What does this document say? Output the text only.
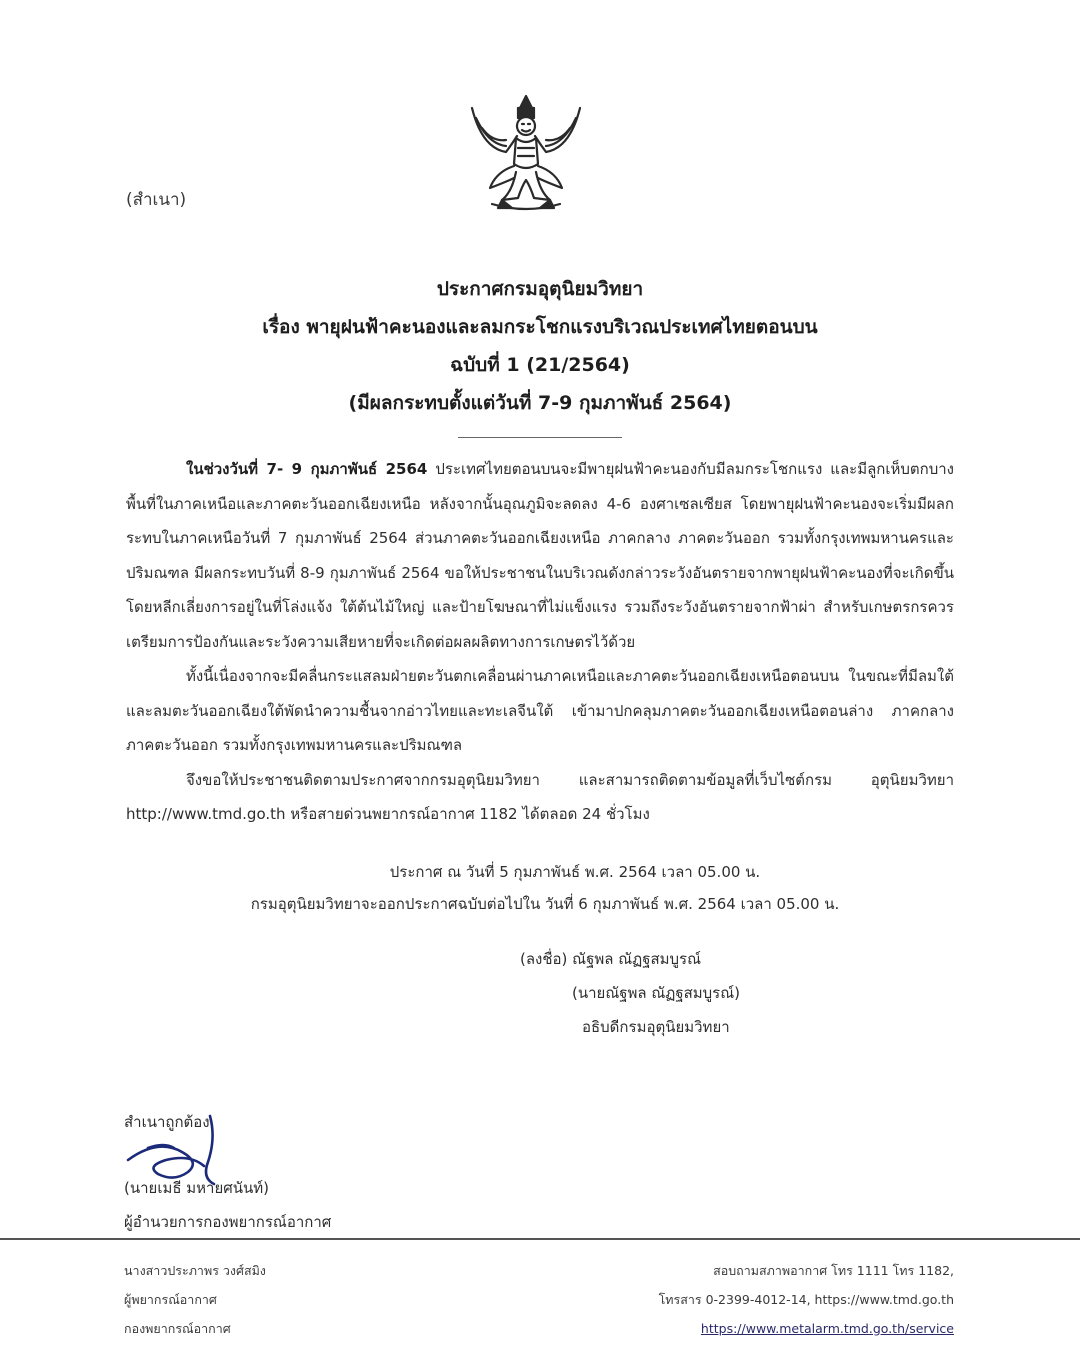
(สำเนา)
ประกาศกรมอุตุนิยมวิทยา
เรื่อง พายุฝนฟ้าคะนองและลมกระโชกแรงบริเวณประเทศไทยตอนบน
ฉบับที่ 1 (21/2564)
(มีผลกระทบตั้งแต่วันที่ 7-9 กุมภาพันธ์ 2564)

ในช่วงวันที่ 7- 9 กุมภาพันธ์ 2564 ประเทศไทยตอนบนจะมีพายุฝนฟ้าคะนองกับมีลมกระโชกแรง และมีลูกเห็บตกบางพื้นที่ในภาคเหนือและภาคตะวันออกเฉียงเหนือ หลังจากนั้นอุณภูมิจะลดลง 4-6 องศาเซลเซียส โดยพายุฝนฟ้าคะนองจะเริ่มมีผลกระทบในภาคเหนือวันที่ 7 กุมภาพันธ์ 2564 ส่วนภาคตะวันออกเฉียงเหนือ ภาคกลาง ภาคตะวันออก รวมทั้งกรุงเทพมหานครและปริมณฑล มีผลกระทบวันที่ 8-9 กุมภาพันธ์ 2564 ขอให้ประชาชนในบริเวณดังกล่าวระวังอันตรายจากพายุฝนฟ้าคะนองที่จะเกิดขึ้น โดยหลีกเลี่ยงการอยู่ในที่โล่งแจ้ง ใต้ต้นไม้ใหญ่ และป้ายโฆษณาที่ไม่แข็งแรง รวมถึงระวังอันตรายจากฟ้าผ่า สำหรับเกษตรกรควรเตรียมการป้องกันและระวังความเสียหายที่จะเกิดต่อผลผลิตทางการเกษตรไว้ด้วย

ทั้งนี้เนื่องจากจะมีคลื่นกระแสลมฝ่ายตะวันตกเคลื่อนผ่านภาคเหนือและภาคตะวันออกเฉียงเหนือตอนบน ในขณะที่มีลมใต้และลมตะวันออกเฉียงใต้พัดนำความชื้นจากอ่าวไทยและทะเลจีนใต้ เข้ามาปกคลุมภาคตะวันออกเฉียงเหนือตอนล่าง ภาคกลาง ภาคตะวันออก รวมทั้งกรุงเทพมหานครและปริมณฑล

จึงขอให้ประชาชนติดตามประกาศจากกรมอุตุนิยมวิทยา และสามารถติดตามข้อมูลที่เว็บไซต์กรม อุตุนิยมวิทยา http://www.tmd.go.th หรือสายด่วนพยากรณ์อากาศ 1182 ได้ตลอด 24 ชั่วโมง

ประกาศ ณ วันที่ 5 กุมภาพันธ์ พ.ศ. 2564 เวลา 05.00 น.
กรมอุตุนิยมวิทยาจะออกประกาศฉบับต่อไปใน วันที่ 6 กุมภาพันธ์ พ.ศ. 2564 เวลา 05.00 น.
(ลงชื่อ) ณัฐพล ณัฏฐสมบูรณ์
(นายณัฐพล ณัฏฐสมบูรณ์)
อธิบดีกรมอุตุนิยมวิทยา
สำเนาถูกต้อง
(นายเมธี มหายศนันท์)
ผู้อำนวยการกองพยากรณ์อากาศ
นางสาวประภาพร วงศ์สมิง
ผู้พยากรณ์อากาศ
กองพยากรณ์อากาศ
สอบถามสภาพอากาศ โทร 1111 โทร 1182,
โทรสาร 0-2399-4012-14, https://www.tmd.go.th
https://www.metalarm.tmd.go.th/service
